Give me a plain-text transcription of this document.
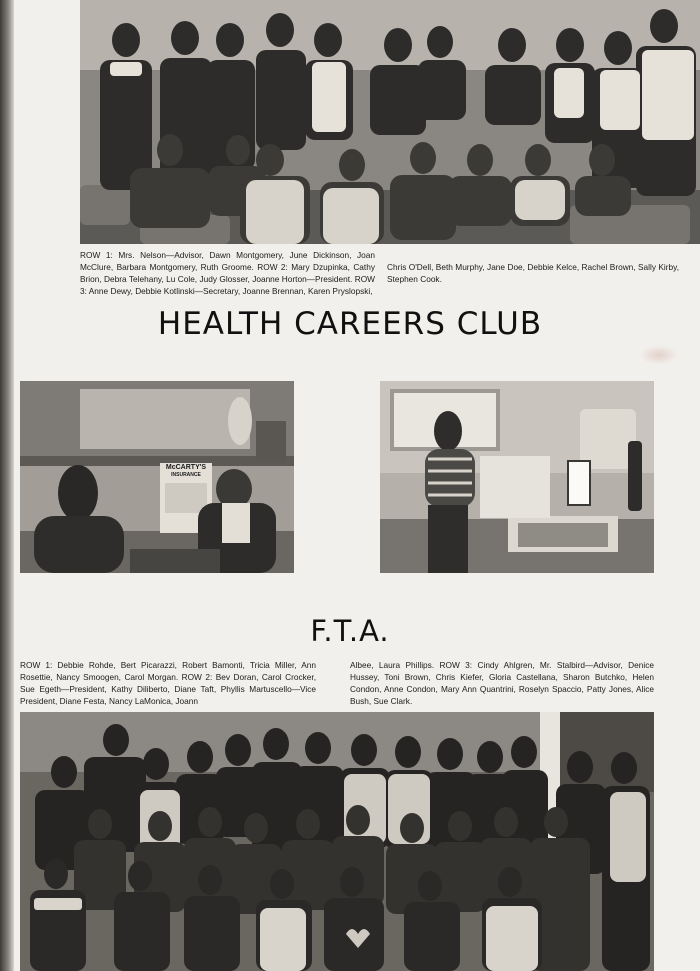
ROW 1: Mrs. Nelson—Advisor, Dawn Montgomery, June Dickinson, Joan McClure, Barbara Montgomery, Ruth Groome. ROW 2: Mary Dzupinka, Cathy Brion, Debra Telehany, Lu Cole, Judy Glosser, Joanne Horton—President. ROW 3: Anne Dewy, Debbie Kotlinski—Secretary, Joanne Brennan, Karen Pryslopski,
Chris O'Dell, Beth Murphy, Jane Doe, Debbie Kelce, Rachel Brown, Sally Kirby, Stephen Cook.
HEALTH CAREERS CLUB
McCARTY'S
INSURANCE
F.T.A.
ROW 1: Debbie Rohde, Bert Picarazzi, Robert Bamonti, Tricia Miller, Ann Rosettie, Nancy Smoogen, Carol Morgan. ROW 2: Bev Doran, Carol Crocker, Sue Egeth—President, Kathy Diliberto, Diane Taft, Phyllis Martuscello—Vice President, Diane Festa, Nancy LaMonica, Joann
Albee, Laura Phillips. ROW 3: Cindy Ahlgren, Mr. Stalbird—Advisor, Denice Hussey, Toni Brown, Chris Kiefer, Gloria Castellana, Sharon Butchko, Helen Condon, Anne Condon, Mary Ann Quantrini, Roselyn Spaccio, Patty Jones, Alice Bush, Sue Clark.
